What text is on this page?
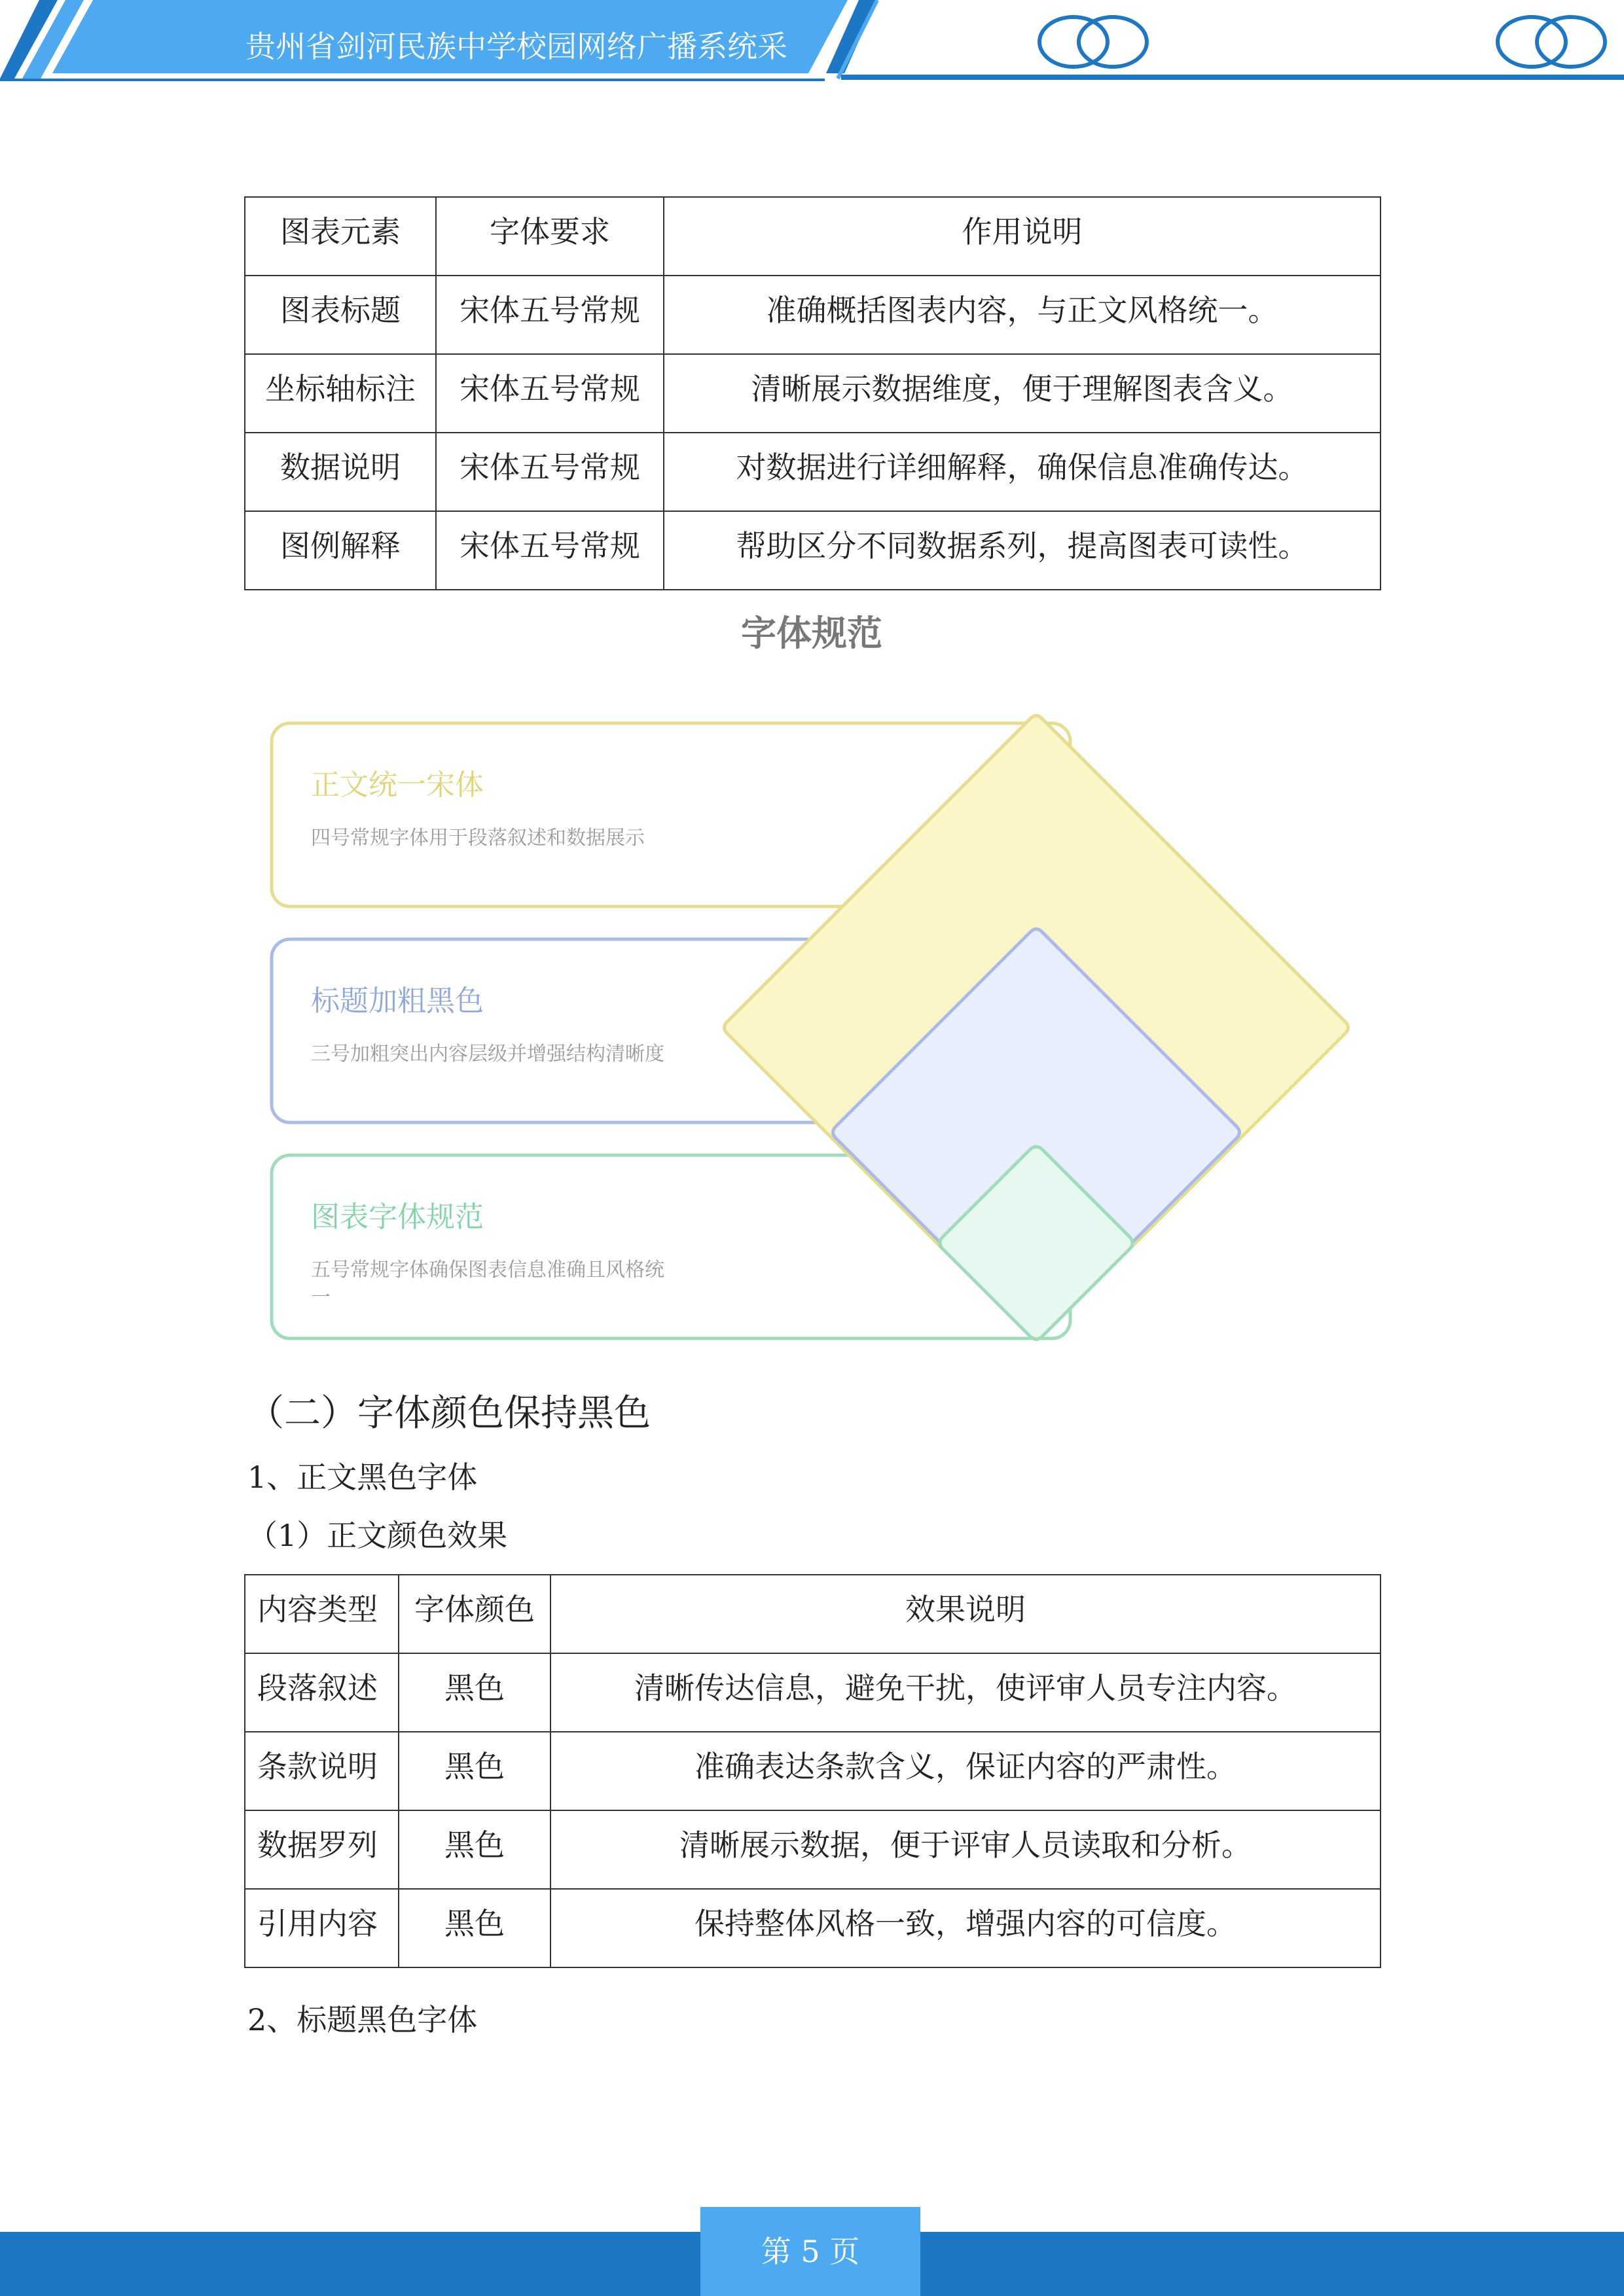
贵州省剑河民族中学校园网络广播系统采
图表元素	字体要求	作用说明
图表标题	宋体五号常规	准确概括图表内容，与正文风格统一。
坐标轴标注	宋体五号常规	清晰展示数据维度，便于理解图表含义。
数据说明	宋体五号常规	对数据进行详细解释，确保信息准确传达。
图例解释	宋体五号常规	帮助区分不同数据系列，提高图表可读性。
字体规范
正文统一宋体
四号常规字体用于段落叙述和数据展示
标题加粗黑色
三号加粗突出内容层级并增强结构清晰度
图表字体规范
五号常规字体确保图表信息准确且风格统一
（二）字体颜色保持黑色
1、正文黑色字体
（1）正文颜色效果
内容类型	字体颜色	效果说明
段落叙述	黑色	清晰传达信息，避免干扰，使评审人员专注内容。
条款说明	黑色	准确表达条款含义，保证内容的严肃性。
数据罗列	黑色	清晰展示数据，便于评审人员读取和分析。
引用内容	黑色	保持整体风格一致，增强内容的可信度。
2、标题黑色字体
第 5 页
